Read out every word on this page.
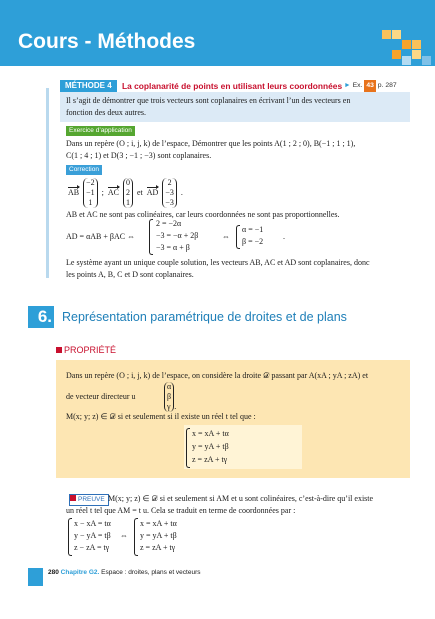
Cours - Méthodes
MÉTHODE 4	La coplanarité de points en utilisant leurs coordonnées ► Ex. 43 p. 287
Il s’agit de démontrer que trois vecteurs sont coplanaires en écrivant l’un des vecteurs en
fonction des deux autres.
Exercice d’application
Dans un repère (O ; i, j, k) de l’espace, Démontrer que les points A(1 ; 2 ; 0), B(−1 ; 1 ; 1),
C(1 ; 4 ; 1) et D(3 ; −1 ; −3) sont coplanaires.
Correction
AB	−2
−1
1	;	AC	0
2
1	et	AD	2
−3
−3	.
AB et AC ne sont pas colinéaires, car leurs coordonnées ne sont pas proportionnelles.
AD = αAB + βAC ⇔
2 = −2α
−3 = −α + 2β
−3 = α + β
⇔
α = −1
β = −2
.
Le système ayant un unique couple solution, les vecteurs AB, AC et AD sont coplanaires, donc
les points A, B, C et D sont coplanaires.
6. Représentation paramétrique de droites et de plans
PROPRIÉTÉ
Dans un repère (O ; i, j, k) de l’espace, on considère la droite 𝒟 passant par A(xA ; yA ; zA) et
de vecteur directeur u
α
β
γ .
M(x; y; z) ∈ 𝒟 si et seulement si il existe un réel t tel que :
x = xA + tα
y = yA + tβ
z = zA + tγ
PREUVE M(x; y; z) ∈ 𝒟 si et seulement si AM et u sont colinéaires, c’est-à-dire qu’il existe
un réel t tel que AM = t u. Cela se traduit en terme de coordonnées par :
x − xA = tα
y − yA = tβ
z − zA = tγ
⇔
x = xA + tα
y = yA + tβ
z = zA + tγ
280 Chapitre G2. Espace : droites, plans et vecteurs
